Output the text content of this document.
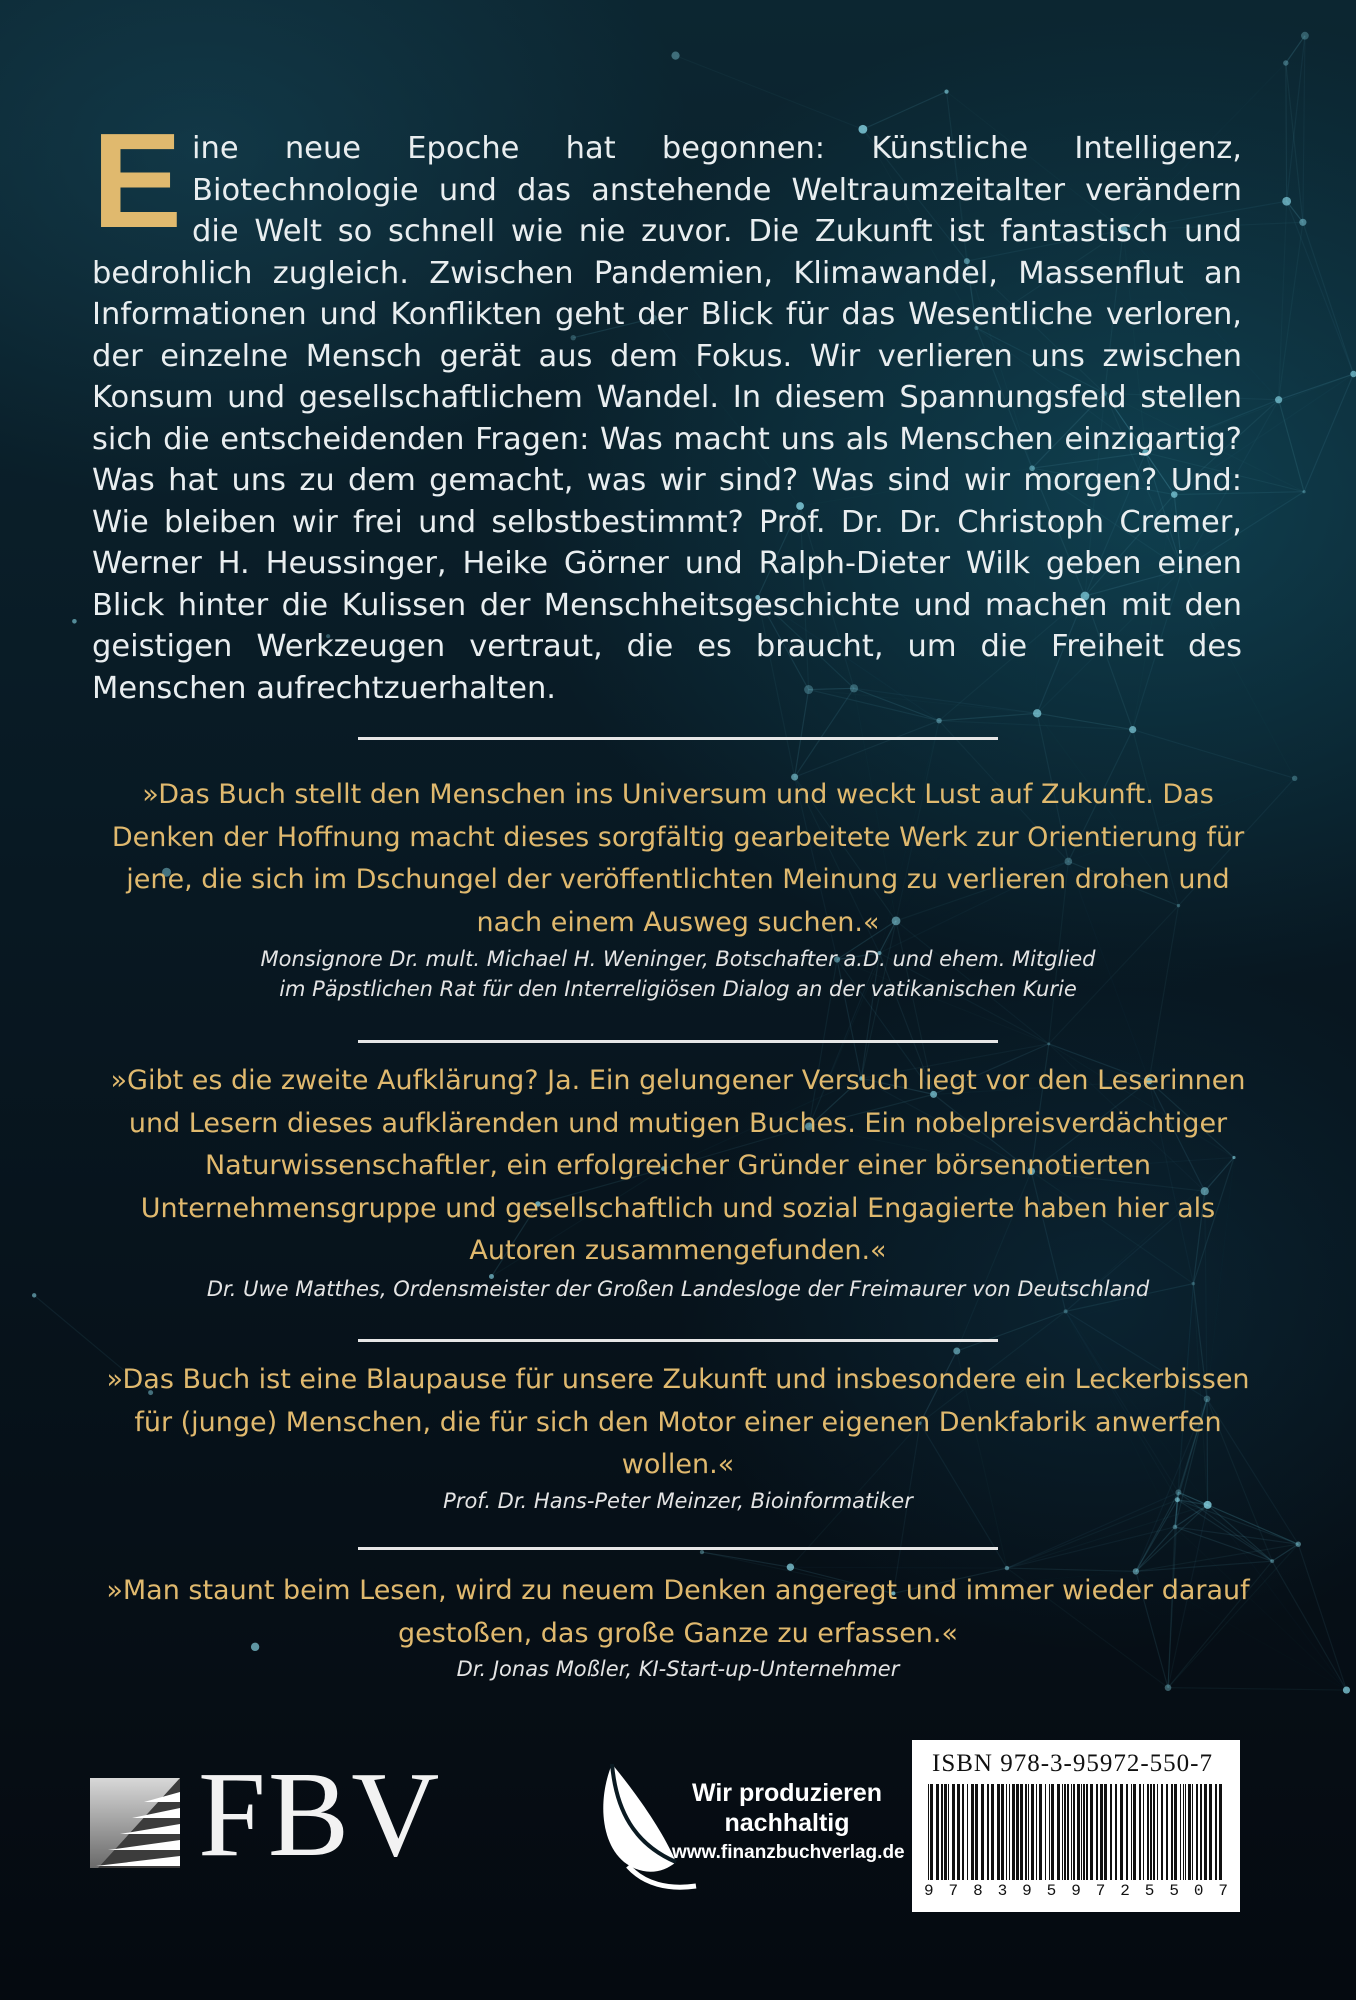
Eine neue Epoche hat begonnen: Künstliche Intelligenz, Biotechnologie und das anstehende Weltraumzeitalter verändern die Welt so schnell wie nie zuvor. Die Zukunft ist fantastisch und bedrohlich zugleich. Zwischen Pandemien, Klimawandel, Massenflut an Informationen und Konflikten geht der Blick für das Wesentliche verloren, der einzelne Mensch gerät aus dem Fokus. Wir verlieren uns zwischen Konsum und gesellschaftlichem Wandel. In diesem Spannungsfeld stellen sich die entscheidenden Fragen: Was macht uns als Menschen einzigartig? Was hat uns zu dem gemacht, was wir sind? Was sind wir morgen? Und: Wie bleiben wir frei und selbstbestimmt? Prof. Dr. Dr. Christoph Cremer, Werner H. Heussinger, Heike Görner und Ralph-Dieter Wilk geben einen Blick hinter die Kulissen der Menschheitsgeschichte und machen mit den geistigen Werkzeugen vertraut, die es braucht, um die Freiheit des Menschen aufrechtzuerhalten.
»Das Buch stellt den Menschen ins Universum und weckt Lust auf Zukunft. Das Denken der Hoffnung macht dieses sorgfältig gearbeitete Werk zur Orientierung für jene, die sich im Dschungel der veröffentlichten Meinung zu verlieren drohen und nach einem Ausweg suchen.«
Monsignore Dr. mult. Michael H. Weninger, Botschafter a.D. und ehem. Mitglied
im Päpstlichen Rat für den Interreligiösen Dialog an der vatikanischen Kurie
»Gibt es die zweite Aufklärung? Ja. Ein gelungener Versuch liegt vor den Leserinnen und Lesern dieses aufklärenden und mutigen Buches. Ein nobelpreisverdächtiger Naturwissenschaftler, ein erfolgreicher Gründer einer börsennotierten Unternehmensgruppe und gesellschaftlich und sozial Engagierte haben hier als Autoren zusammengefunden.«
Dr. Uwe Matthes, Ordensmeister der Großen Landesloge der Freimaurer von Deutschland
»Das Buch ist eine Blaupause für unsere Zukunft und insbesondere ein Leckerbissen für (junge) Menschen, die für sich den Motor einer eigenen Denkfabrik anwerfen wollen.«
Prof. Dr. Hans-Peter Meinzer, Bioinformatiker
»Man staunt beim Lesen, wird zu neuem Denken angeregt und immer wieder darauf gestoßen, das große Ganze zu erfassen.«
Dr. Jonas Moßler, KI-Start-up-Unternehmer
FBV	Wir produzieren
nachhaltig
www.finanzbuchverlag.de
ISBN 978-3-95972-550-7
9 7 8 3 9 5 9 7 2 5 5 0 7
